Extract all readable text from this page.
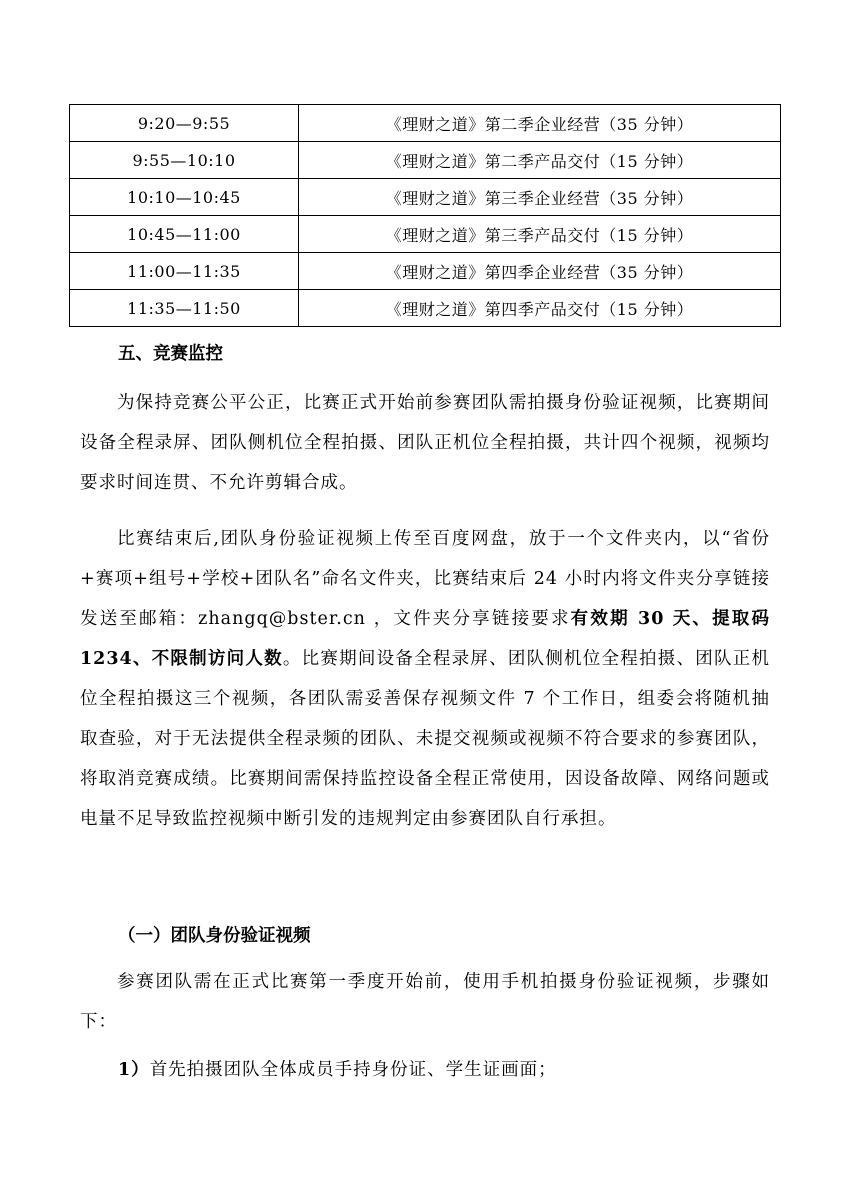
9:20—9:55	《理财之道》第二季企业经营（35 分钟）
9:55—10:10	《理财之道》第二季产品交付（15 分钟）
10:10—10:45	《理财之道》第三季企业经营（35 分钟）
10:45—11:00	《理财之道》第三季产品交付（15 分钟）
11:00—11:35	《理财之道》第四季企业经营（35 分钟）
11:35—11:50	《理财之道》第四季产品交付（15 分钟）
五、竞赛监控
为保持竞赛公平公正，比赛正式开始前参赛团队需拍摄身份验证视频，比赛期间设备全程录屏、团队侧机位全程拍摄、团队正机位全程拍摄，共计四个视频，视频均要求时间连贯、不允许剪辑合成。
比赛结束后,团队身份验证视频上传至百度网盘，放于一个文件夹内，以“省份+赛项+组号+学校+团队名”命名文件夹，比赛结束后 24 小时内将文件夹分享链接发送至邮箱：zhangq@bster.cn ，文件夹分享链接要求有效期 30 天、提取码 1234、不限制访问人数。比赛期间设备全程录屏、团队侧机位全程拍摄、团队正机位全程拍摄这三个视频，各团队需妥善保存视频文件 7 个工作日，组委会将随机抽取查验，对于无法提供全程录频的团队、未提交视频或视频不符合要求的参赛团队，将取消竞赛成绩。比赛期间需保持监控设备全程正常使用，因设备故障、网络问题或电量不足导致监控视频中断引发的违规判定由参赛团队自行承担。
（一）团队身份验证视频
参赛团队需在正式比赛第一季度开始前，使用手机拍摄身份验证视频，步骤如下：
1）首先拍摄团队全体成员手持身份证、学生证画面；
